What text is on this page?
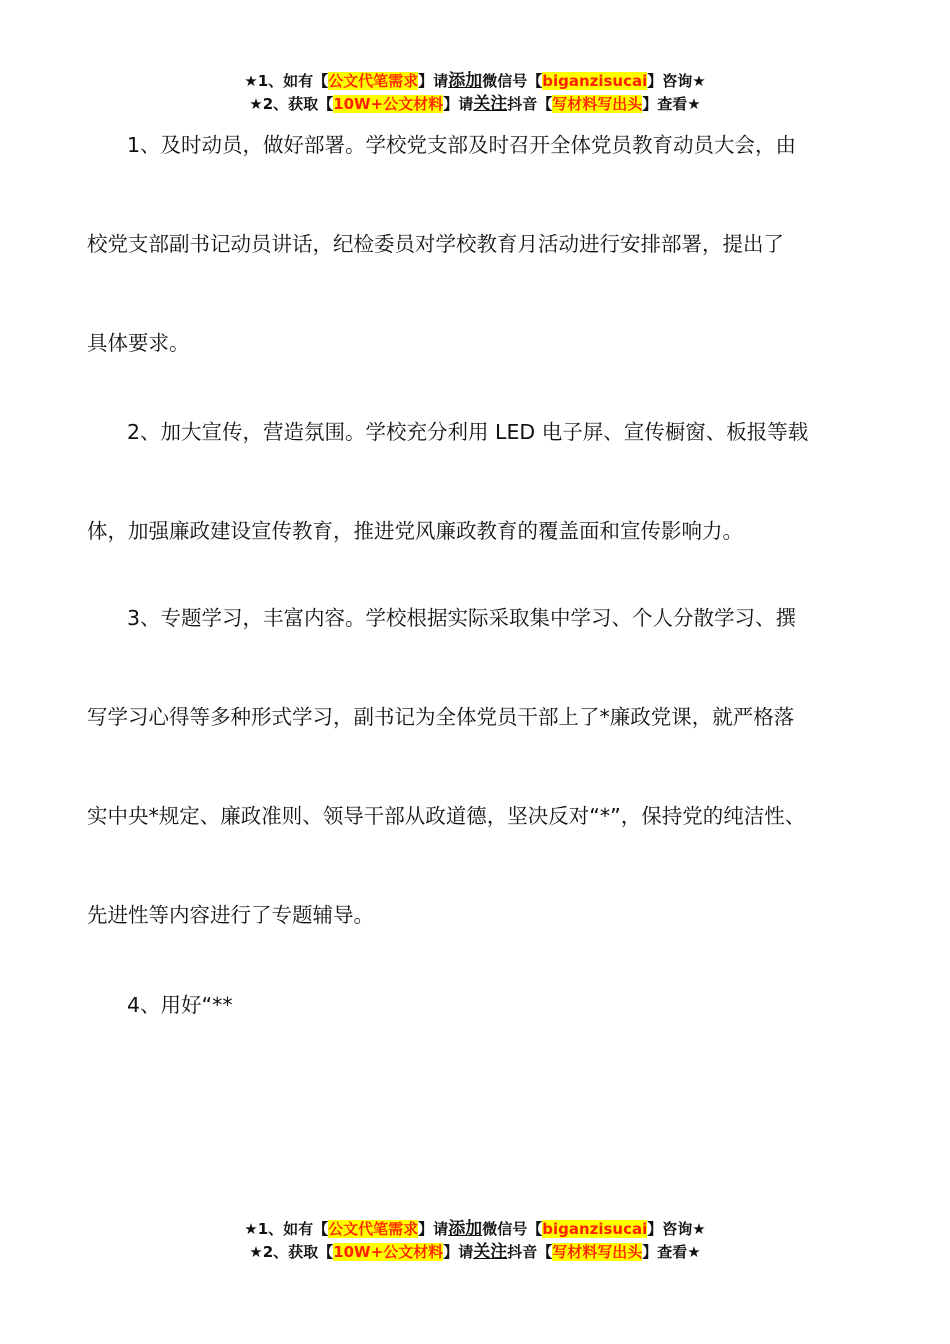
★1、如有【公文代笔需求】请添加微信号【biganzisucai】咨询★
★2、获取【10W+公文材料】请关注抖音【写材料写出头】查看★
1、及时动员，做好部署。学校党支部及时召开全体党员教育动员大会，由
校党支部副书记动员讲话，纪检委员对学校教育月活动进行安排部署，提出了
具体要求。
2、加大宣传，营造氛围。学校充分利用 LED 电子屏、宣传橱窗、板报等载
体，加强廉政建设宣传教育，推进党风廉政教育的覆盖面和宣传影响力。
3、专题学习，丰富内容。学校根据实际采取集中学习、个人分散学习、撰
写学习心得等多种形式学习，副书记为全体党员干部上了*廉政党课，就严格落
实中央*规定、廉政准则、领导干部从政道德，坚决反对“*”，保持党的纯洁性、
先进性等内容进行了专题辅导。
4、用好“**
★1、如有【公文代笔需求】请添加微信号【biganzisucai】咨询★
★2、获取【10W+公文材料】请关注抖音【写材料写出头】查看★
